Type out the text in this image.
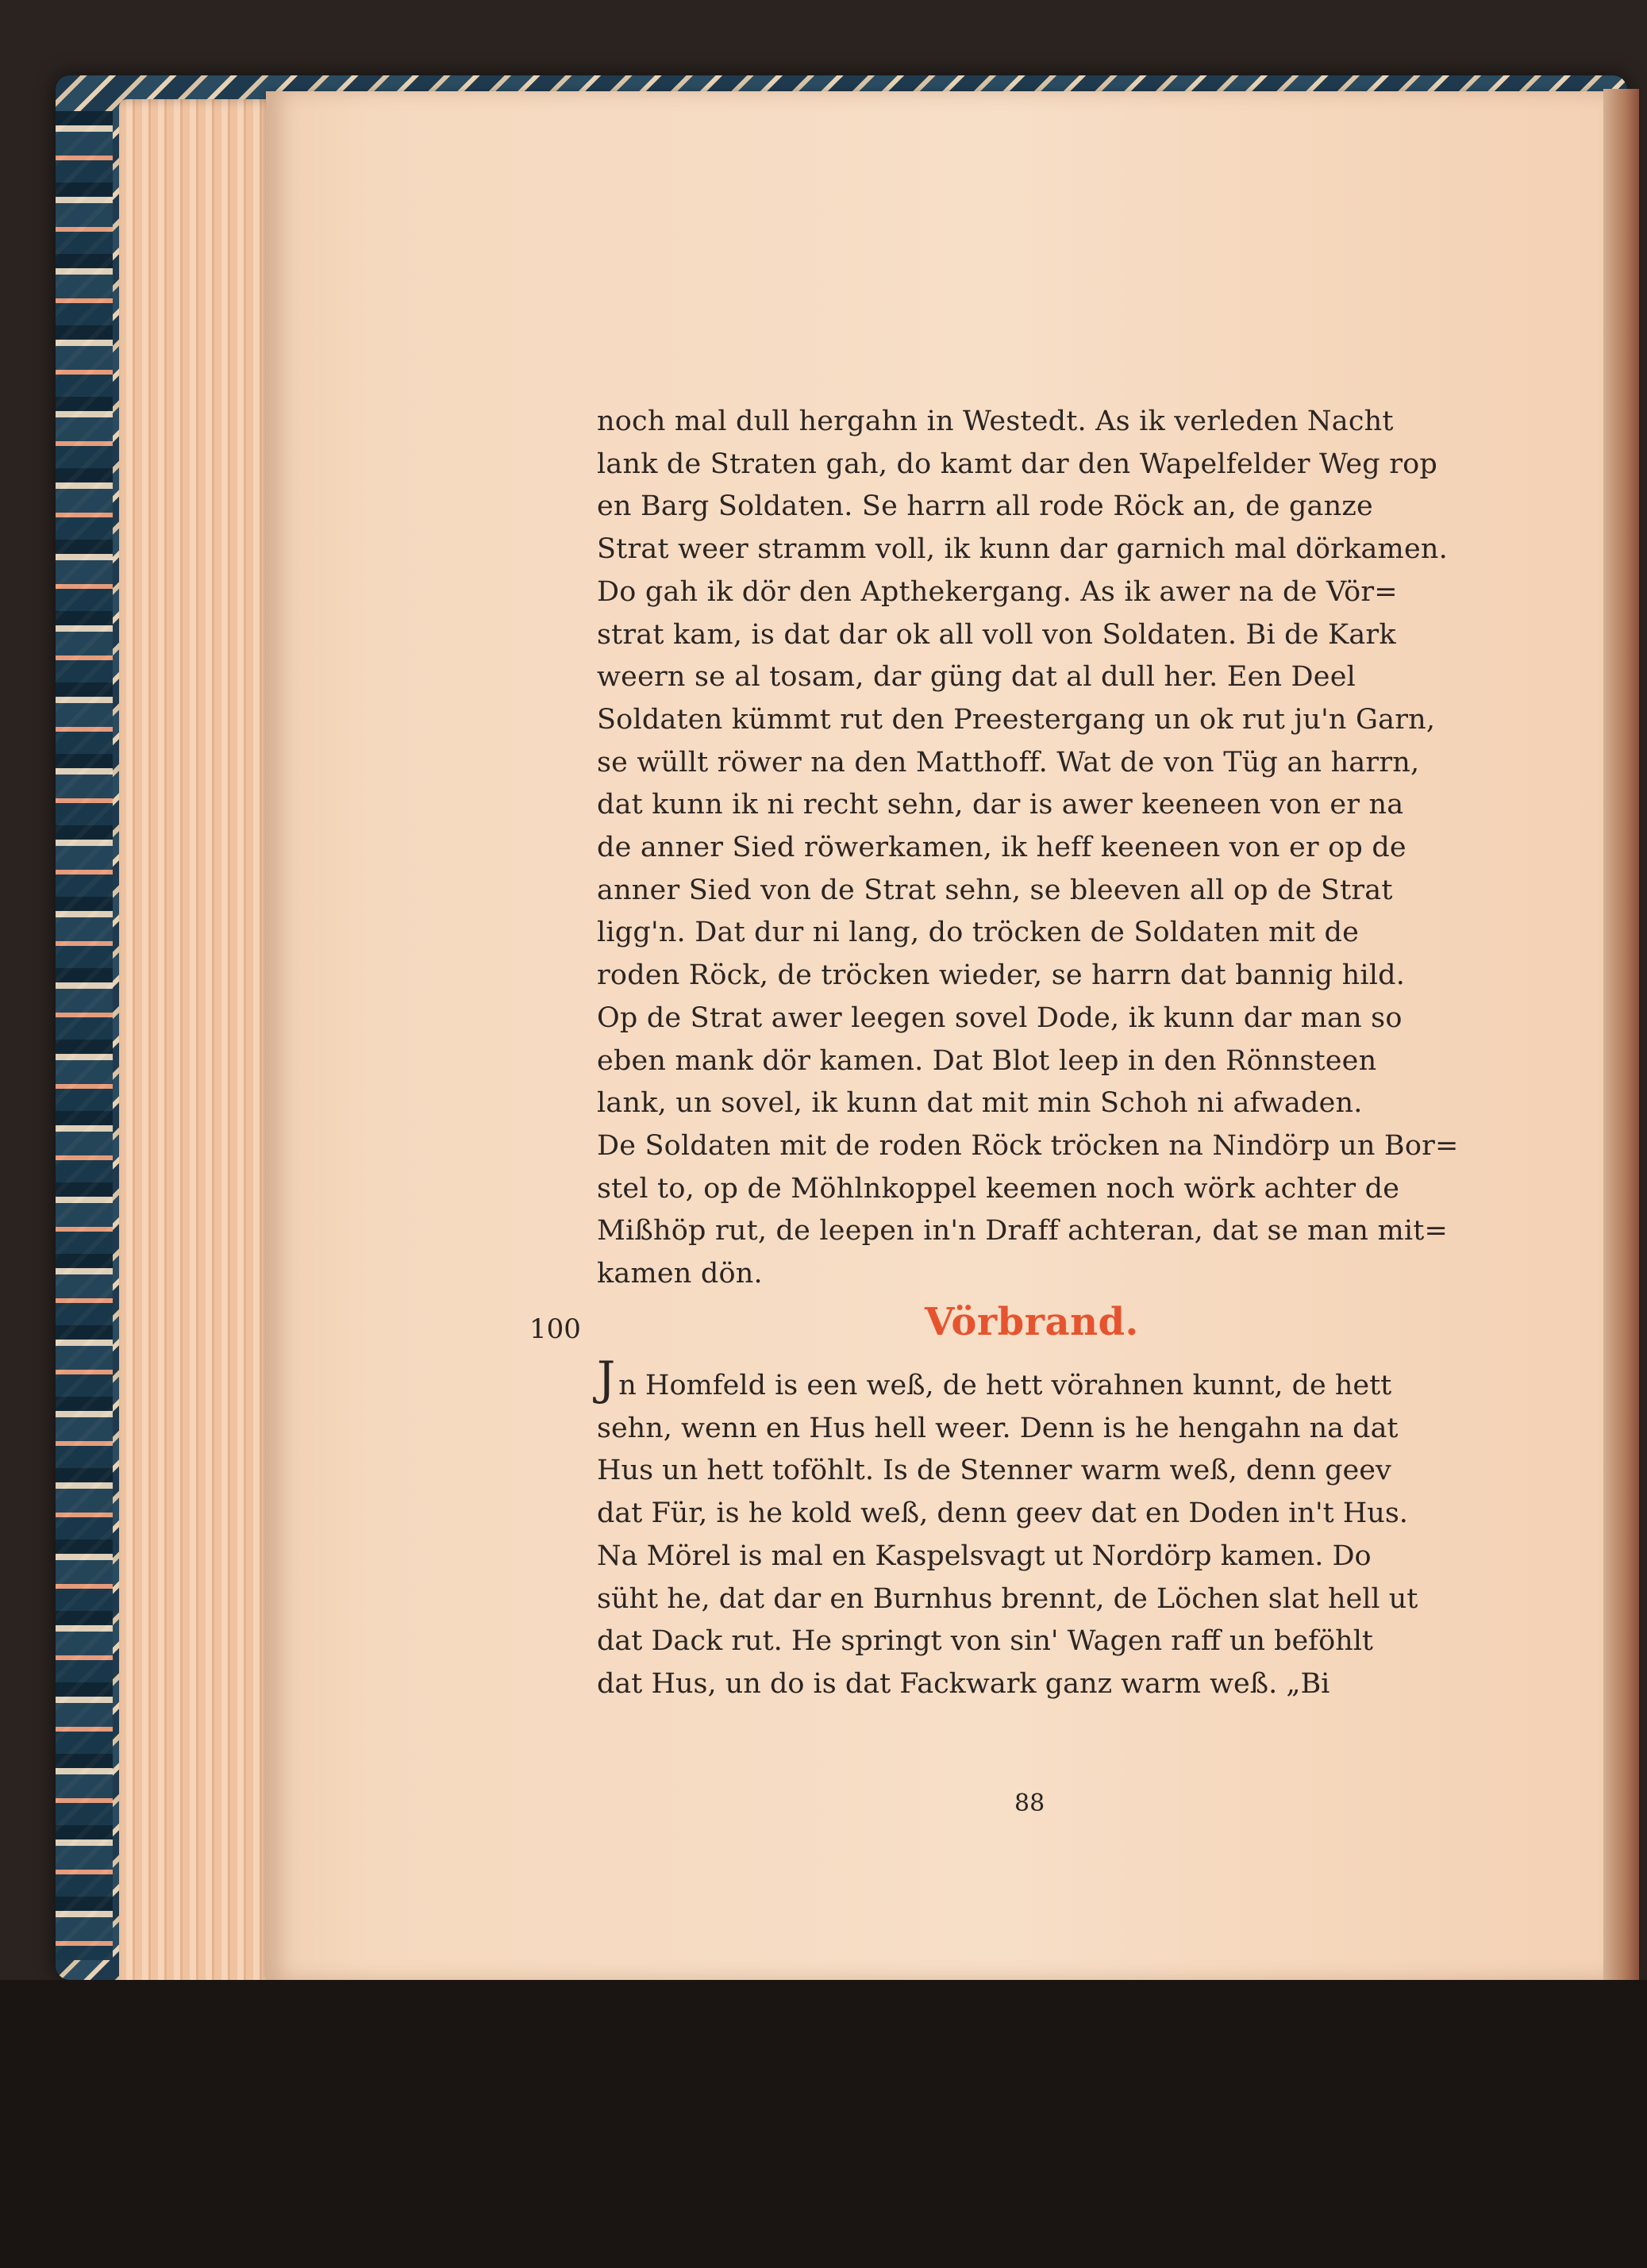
noch mal dull hergahn in Westedt. As ik verleden Nacht
lank de Straten gah, do kamt dar den Wapelfelder Weg rop
en Barg Soldaten. Se harrn all rode Röck an, de ganze
Strat weer stramm voll, ik kunn dar garnich mal dörkamen.
Do gah ik dör den Apthekergang. As ik awer na de Vör=
strat kam, is dat dar ok all voll von Soldaten. Bi de Kark
weern se al tosam, dar güng dat al dull her. Een Deel
Soldaten kümmt rut den Preestergang un ok rut ju'n Garn,
se wüllt röwer na den Matthoff. Wat de von Tüg an harrn,
dat kunn ik ni recht sehn, dar is awer keeneen von er na
de anner Sied röwerkamen, ik heff keeneen von er op de
anner Sied von de Strat sehn, se bleeven all op de Strat
ligg'n. Dat dur ni lang, do tröcken de Soldaten mit de
roden Röck, de tröcken wieder, se harrn dat bannig hild.
Op de Strat awer leegen sovel Dode, ik kunn dar man so
eben mank dör kamen. Dat Blot leep in den Rönnsteen
lank, un sovel, ik kunn dat mit min Schoh ni afwaden.
De Soldaten mit de roden Röck tröcken na Nindörp un Bor=
stel to, op de Möhlnkoppel keemen noch wörk achter de
Mißhöp rut, de leepen in'n Draff achteran, dat se man mit=
kamen dön.
100	Vörbrand.
Jn Homfeld is een weß, de hett vörahnen kunnt, de hett
sehn, wenn en Hus hell weer. Denn is he hengahn na dat
Hus un hett toföhlt. Is de Stenner warm weß, denn geev
dat Für, is he kold weß, denn geev dat en Doden in't Hus.
Na Mörel is mal en Kaspelsvagt ut Nordörp kamen. Do
süht he, dat dar en Burnhus brennt, de Löchen slat hell ut
dat Dack rut. He springt von sin' Wagen raff un beföhlt
dat Hus, un do is dat Fackwark ganz warm weß. „Bi
88
